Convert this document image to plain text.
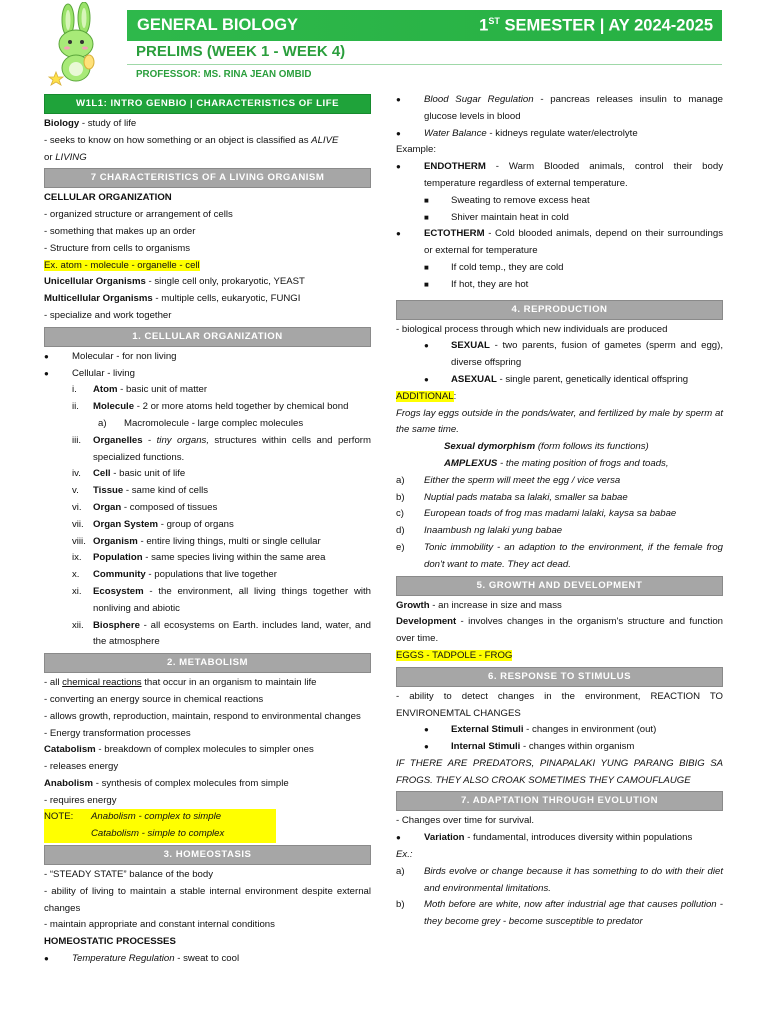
GENERAL BIOLOGY	1ST SEMESTER | AY 2024-2025
PRELIMS (WEEK 1 - WEEK 4)
PROFESSOR: MS. RINA JEAN OMBID
W1L1: INTRO GENBIO | CHARACTERISTICS OF LIFE
Biology - study of life
- seeks to know on how something or an object is classified as ALIVE
or LIVING
7 CHARACTERISTICS OF A LIVING ORGANISM
CELLULAR ORGANIZATION
- organized structure or arrangement of cells
- something that makes up an order
- Structure from cells to organisms
Ex. atom - molecule - organelle - cell
Unicellular Organisms - single cell only, prokaryotic, YEAST
Multicellular Organisms - multiple cells, eukaryotic, FUNGI
- specialize and work together
1. CELLULAR ORGANIZATION
● Molecular - for non living
● Cellular - living
i.	Atom - basic unit of matter
ii.	Molecule - 2 or more atoms held together by chemical bond
a) Macromolecule - large complec molecules
iii.	Organelles - tiny organs, structures within cells and perform specialized functions.
iv.	Cell - basic unit of life
v.	Tissue - same kind of cells
vi.	Organ - composed of tissues
vii. Organ System - group of organs
viii. Organism - entire living things, multi or single cellular
ix.	Population - same species living within the same area
x.	Community - populations that live together
xi.	Ecosystem - the environment, all living things together with nonliving and abiotic
xii. Biosphere - all ecosystems on Earth. includes land, water, and the atmosphere
2. METABOLISM
- all chemical reactions that occur in an organism to maintain life
- converting an energy source in chemical reactions
- allows growth, reproduction, maintain, respond to environmental changes
- Energy transformation processes
Catabolism - breakdown of complex molecules to simpler ones
- releases energy
Anabolism - synthesis of complex molecules from simple
- requires energy
NOTE: Anabolism - complex to simple
Catabolism - simple to complex
3. HOMEOSTASIS
- “STEADY STATE” balance of the body
- ability of living to maintain a stable internal environment despite external changes
- maintain appropriate and constant internal conditions
HOMEOSTATIC PROCESSES
● Temperature Regulation - sweat to cool
● Blood Sugar Regulation - pancreas releases insulin to manage glucose levels in blood
● Water Balance - kidneys regulate water/electrolyte
Example:
● ENDOTHERM - Warm Blooded animals, control their body temperature regardless of external temperature.
■ Sweating to remove excess heat
■ Shiver maintain heat in cold
● ECTOTHERM - Cold blooded animals, depend on their surroundings or external for temperature
■ If cold temp., they are cold
■ If hot, they are hot
4. REPRODUCTION
- biological process through which new individuals are produced
● SEXUAL - two parents, fusion of gametes (sperm and egg), diverse offspring
● ASEXUAL - single parent, genetically identical offspring
ADDITIONAL:
Frogs lay eggs outside in the ponds/water, and fertilized by male by sperm at the same time.
Sexual dymorphism (form follows its functions)
AMPLEXUS - the mating position of frogs and toads,
a) Either the sperm will meet the egg / vice versa
b) Nuptial pads mataba sa lalaki, smaller sa babae
c) European toads of frog mas madami lalaki, kaysa sa babae
d) Inaambush ng lalaki yung babae
e) Tonic immobility - an adaption to the environment, if the female frog don't want to mate. They act dead.
5. GROWTH AND DEVELOPMENT
Growth - an increase in size and mass
Development - involves changes in the organism's structure and function over time.
EGGS - TADPOLE - FROG
6. RESPONSE TO STIMULUS
- ability to detect changes in the environment, REACTION TO ENVIRONEMTAL CHANGES
● External Stimuli - changes in environment (out)
● Internal Stimuli - changes within organism
IF THERE ARE PREDATORS, PINAPALAKI YUNG PARANG BIBIG SA FROGS. THEY ALSO CROAK SOMETIMES THEY CAMOUFLAUGE
7. ADAPTATION THROUGH EVOLUTION
- Changes over time for survival.
● Variation - fundamental, introduces diversity within populations
Ex.:
a) Birds evolve or change because it has something to do with their diet and environmental limitations.
b) Moth before are white, now after industrial age that causes pollution - they become grey - become susceptible to predator
